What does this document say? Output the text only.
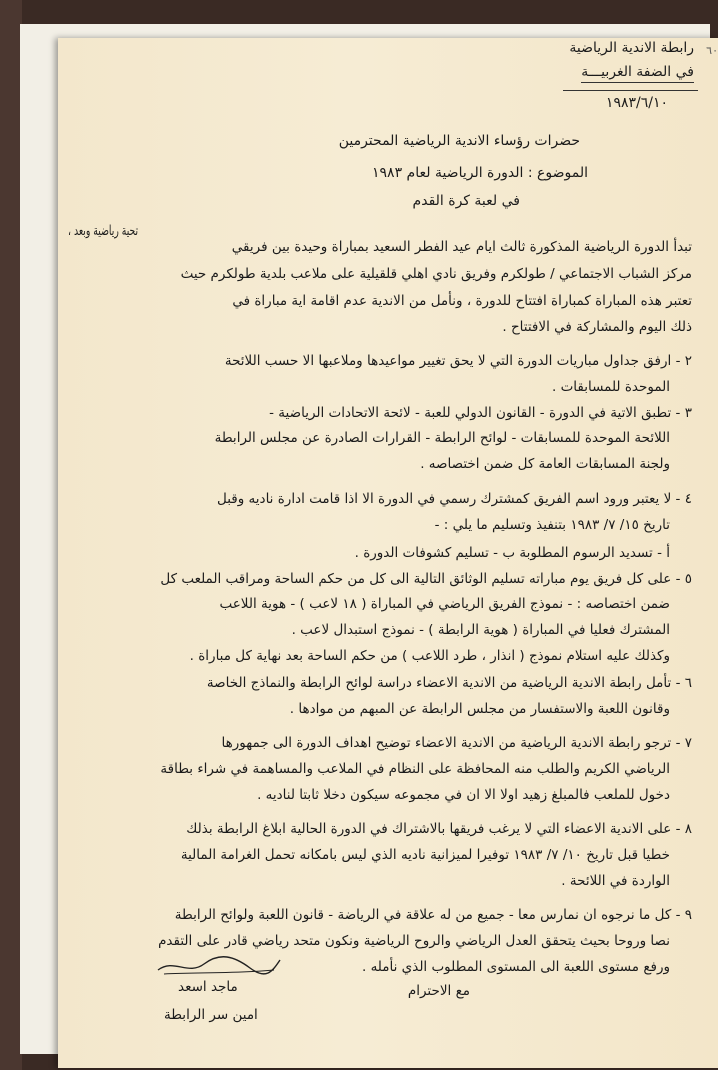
٦٠
رابطة الاندية الرياضية
في الضفة الغربيـــة
١٩٨٣/٦/١٠
حضرات رؤساء الاندية الرياضية المحترمين
الموضوع : الدورة الرياضية لعام ١٩٨٣
في لعبة كرة القدم
تحية رياضية وبعد ،
تبدأ الدورة الرياضية المذكورة ثالث ايام عيد الفطر السعيد بمباراة وحيدة بين فريقي
مركز الشباب الاجتماعي / طولكرم وفريق نادي اهلي قلقيلية على ملاعب بلدية طولكرم حيث
تعتبر هذه المباراة كمباراة افتتاح للدورة ، ونأمل من الاندية عدم اقامة اية مباراة في
ذلك اليوم والمشاركة في الافتتاح .
٢ - ارفق جداول مباريات الدورة التي لا يحق تغيير مواعيدها وملاعبها الا حسب اللائحة
الموحدة للمسابقات .
٣ - تطبق الاتية في الدورة - القانون الدولي للعبة - لائحة الاتحادات الرياضية -
اللائحة الموحدة للمسابقات - لوائح الرابطة - القرارات الصادرة عن مجلس الرابطة
ولجنة المسابقات العامة كل ضمن اختصاصه .
٤ - لا يعتبر ورود اسم الفريق كمشترك رسمي في الدورة الا اذا قامت ادارة ناديه وقبل
تاريخ ١٥/ ٧/ ١٩٨٣ بتنفيذ وتسليم ما يلي : -
أ - تسديد الرسوم المطلوبة ب - تسليم كشوفات الدورة .
٥ - على كل فريق يوم مباراته تسليم الوثائق التالية الى كل من حكم الساحة ومراقب الملعب كل
ضمن اختصاصه : - نموذج الفريق الرياضي في المباراة ( ١٨ لاعب ) - هوية اللاعب
المشترك فعليا في المباراة ( هوية الرابطة ) - نموذج استبدال لاعب .
وكذلك عليه استلام نموذج ( انذار ، طرد اللاعب ) من حكم الساحة بعد نهاية كل مباراة .
٦ - تأمل رابطة الاندية الرياضية من الاندية الاعضاء دراسة لوائح الرابطة والنماذج الخاصة
وقانون اللعبة والاستفسار من مجلس الرابطة عن المبهم من موادها .
٧ - ترجو رابطة الاندية الرياضية من الاندية الاعضاء توضيح اهداف الدورة الى جمهورها
الرياضي الكريم والطلب منه المحافظة على النظام في الملاعب والمساهمة في شراء بطاقة
دخول للملعب فالمبلغ زهيد اولا الا ان في مجموعه سيكون دخلا ثابتا لناديه .
٨ - على الاندية الاعضاء التي لا يرغب فريقها بالاشتراك في الدورة الحالية ابلاغ الرابطة بذلك
خطيا قبل تاريخ ١٠/ ٧/ ١٩٨٣ توفيرا لميزانية ناديه الذي ليس بامكانه تحمل الغرامة المالية
الواردة في اللائحة .
٩ - كل ما نرجوه ان نمارس معا - جميع من له علاقة في الرياضة - قانون اللعبة ولوائح الرابطة
نصا وروحا بحيث يتحقق العدل الرياضي والروح الرياضية ونكون متحد رياضي قادر على التقدم
ورفع مستوى اللعبة الى المستوى المطلوب الذي نأمله .
مع الاحترام
ماجد اسعد
امين سر الرابطة
